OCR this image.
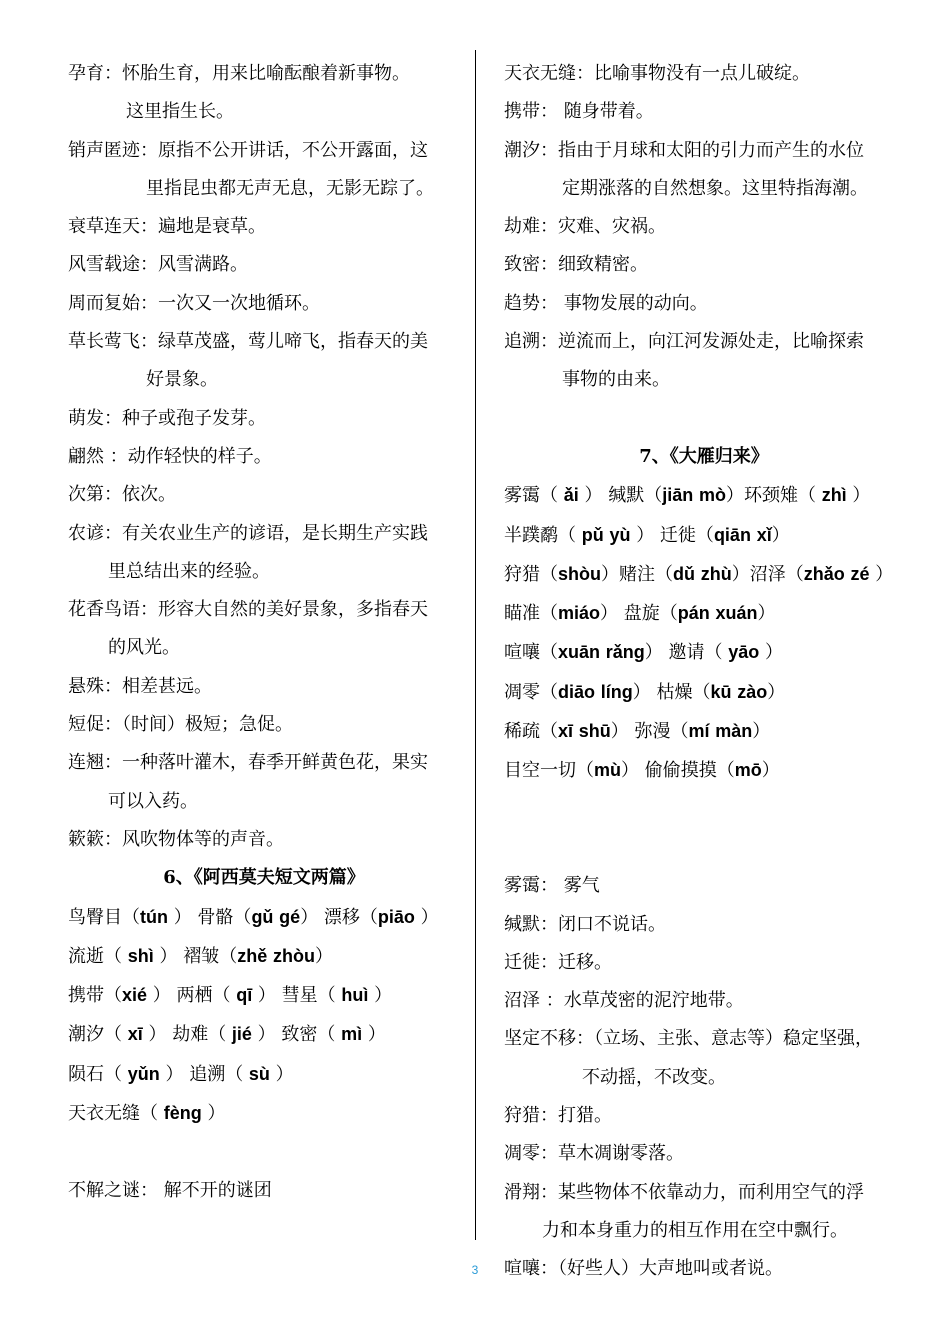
孕育：怀胎生育，用来比喻酝酿着新事物。
这里指生长。
销声匿迹：原指不公开讲话，不公开露面，这
里指昆虫都无声无息，无影无踪了。
衰草连天：遍地是衰草。
风雪载途：风雪满路。
周而复始：一次又一次地循环。
草长莺飞：绿草茂盛，莺儿啼飞，指春天的美
好景象。
萌发：种子或孢子发芽。
翩然 ：动作轻快的样子。
次第：依次。
农谚：有关农业生产的谚语，是长期生产实践
里总结出来的经验。
花香鸟语：形容大自然的美好景象，多指春天
的风光。
悬殊：相差甚远。
短促：（时间）极短；急促。
连翘：一种落叶灌木，春季开鲜黄色花，果实
可以入药。
簌簌：风吹物体等的声音。
6、《阿西莫夫短文两篇》
鸟臀目（tún ） 骨骼（gǔ gé） 漂移（piāo ）
流逝（ shì ） 褶皱（zhě zhòu）
携带（xié ） 两栖（ qī ） 彗星（ huì ）
潮汐（ xī ） 劫难（ jié ） 致密（ mì ）
陨石（ yǔn ） 追溯（ sù ）
天衣无缝（ fèng ）
不解之谜： 解不开的谜团
天衣无缝：比喻事物没有一点儿破绽。
携带： 随身带着。
潮汐：指由于月球和太阳的引力而产生的水位
定期涨落的自然想象。这里特指海潮。
劫难：灾难、灾祸。
致密：细致精密。
趋势： 事物发展的动向。
追溯：逆流而上，向江河发源处走，比喻探索
事物的由来。
7、《大雁归来》
雾霭（ ǎi ） 缄默（jiān mò）环颈雉（ zhì ）
半蹼鹬（ pǔ yù ） 迁徙（qiān xǐ）
狩猎（shòu）赌注（dǔ zhù）沼泽（zhǎo zé ）
瞄准（miáo） 盘旋（pán xuán）
喧嚷（xuān rǎng） 邀请（ yāo ）
凋零（diāo líng） 枯燥（kū zào）
稀疏（xī shū） 弥漫（mí màn）
目空一切（mù） 偷偷摸摸（mō）
雾霭： 雾气
缄默：闭口不说话。
迁徙：迁移。
沼泽 ：水草茂密的泥泞地带。
坚定不移：（立场、主张、意志等）稳定坚强，
不动摇，不改变。
狩猎：打猎。
凋零：草木凋谢零落。
滑翔：某些物体不依靠动力，而利用空气的浮
力和本身重力的相互作用在空中飘行。
喧嚷：（好些人）大声地叫或者说。
3
